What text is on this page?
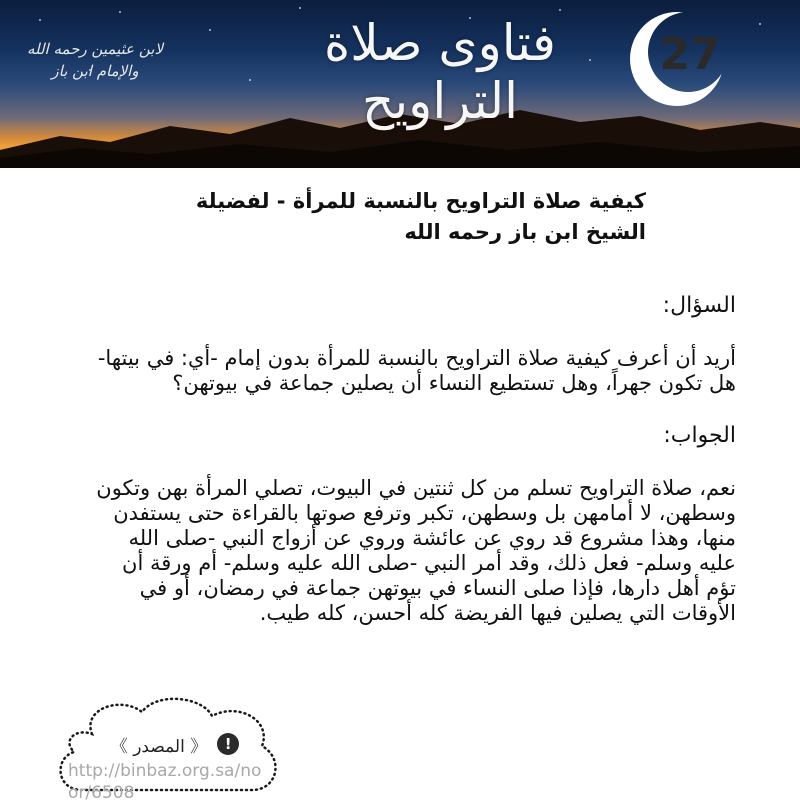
27
فتاوى صلاة التراويح
لابن عثيمين رحمه الله
والإمام ابن باز
كيفية صلاة التراويح بالنسبة للمرأة - لفضيلة
الشيخ ابن باز رحمه الله

السؤال:

أريد أن أعرف كيفية صلاة التراويح بالنسبة للمرأة بدون إمام -أي: في بيتها- هل تكون جهراً، وهل تستطيع النساء أن يصلين جماعة في بيوتهن؟

الجواب:

نعم، صلاة التراويح تسلم من كل ثنتين في البيوت، تصلي المرأة بهن وتكون وسطهن، لا أمامهن بل وسطهن، تكبر وترفع صوتها بالقراءة حتى يستفدن منها، وهذا مشروع قد روي عن عائشة وروي عن أزواج النبي -صلى الله عليه وسلم- فعل ذلك، وقد أمر النبي -صلى الله عليه وسلم- أم ورقة أن تؤم أهل دارها، فإذا صلى النساء في بيوتهن جماعة في رمضان، أو في الأوقات التي يصلين فيها الفريضة كله أحسن، كله طيب.

!
《 المصدر 》
http://binbaz.org.sa/noor/6508
